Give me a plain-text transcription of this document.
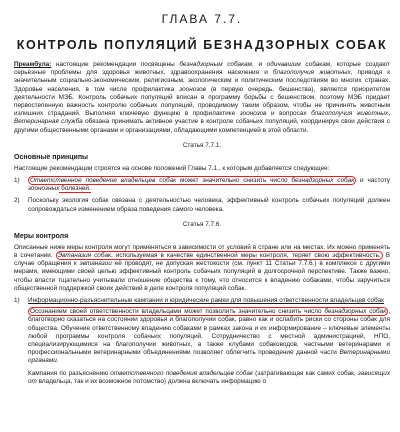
ГЛАВА 7.7.
КОНТРОЛЬ ПОПУЛЯЦИЙ БЕЗНАДЗОРНЫХ СОБАК

Преамбула: настоящие рекомендации посвящены безнадзорным собакам, и одичавшим собакам, которые создают серьёзные проблемы для здоровья животных, здравоохранения населения и благополучия животных, приводя к значительным социально-экономическим, религиозным, экологическим и политическим последствиям во многих странах. Здоровье населения, в том числе профилактика зоонозов (в первую очередь, бешенства), является приоритетом деятельности МЭБ. Контроль собачьих популяций вписан в программу борьбы с бешенством, поэтому МЭБ придает первостепенную важность контролю собачьих популяций, проводимому таким образом, чтобы не причинять животным излишних страданий. Выполняя ключевую функцию в профилактике зоонозов и вопросах благополучия животных, Ветеринарная служба обязана принимать активное участие в контроле собачьих популяций, координируя свои действия с другими общественными органами и организациями, обладающими компетенцией в этой области.

Статья 7.7.1.
Основные принципы

Настоящие рекомендации строятся на основе положений Главы 7.1., к которым добавляется следующее:

1)	Ответственное поведение владельцев собак может значительно снизить число безнадзорных собак и частоту зоонозных болезней.
2)	Поскольку экология собак связана с деятельностью человека, эффективный контроль собачьих популяций должен сопровождаться изменением образа поведения самого человека.
Статья 7.7.6.
Меры контроля

Описанные ниже меры контроля могут применяться в зависимости от условий в стране или на местах. Их можно применять в сочетании. Эвтаназия собак, используемая в качестве единственной меры контроля, теряет свою эффективность. В случае обращения к эвтаназии её проводят, не допуская жестокости (см. пункт 11 Статьи 7.7.6.) в комплексе с другими мерами, имеющими своей целью эффективный контроль собачьих популяций в долгосрочной перспективе. Также важно, чтобы власти тщательно учитывали отношение общества к тому, что относится к владению собаками, чтобы заручиться общественной поддержкой своих действий в деле контроля популяций собак.

1)	Информационно-разъяснительные кампании и юридические рамки для повышения ответственности владельцев собак

Осознанием своей ответственности владельцами может позволить значительно снизить число безнадзорных собак , благотворно сказаться на состоянии здоровья и благополучии собак, равно как и ослабить риски со стороны собак для общества. Обучение ответственному владению собаками в рамках закона и их информирование – ключевые элементы любой программы контроля собачьих популяций. Сотрудничество с местной администрацией, НПО, специализирующимися на благополучии животных, а также клубами собаководов, частными ветеринарами и профессиональными ветеринарными объединениями позволяет облегчить проведение данной части Ветеринарными органами.

Кампания по разъяснению ответственного поведения владельцев собак (затрагивающая как самих собак, зависящих от владельца, так и их возможное потомство) должна включать информацию о
